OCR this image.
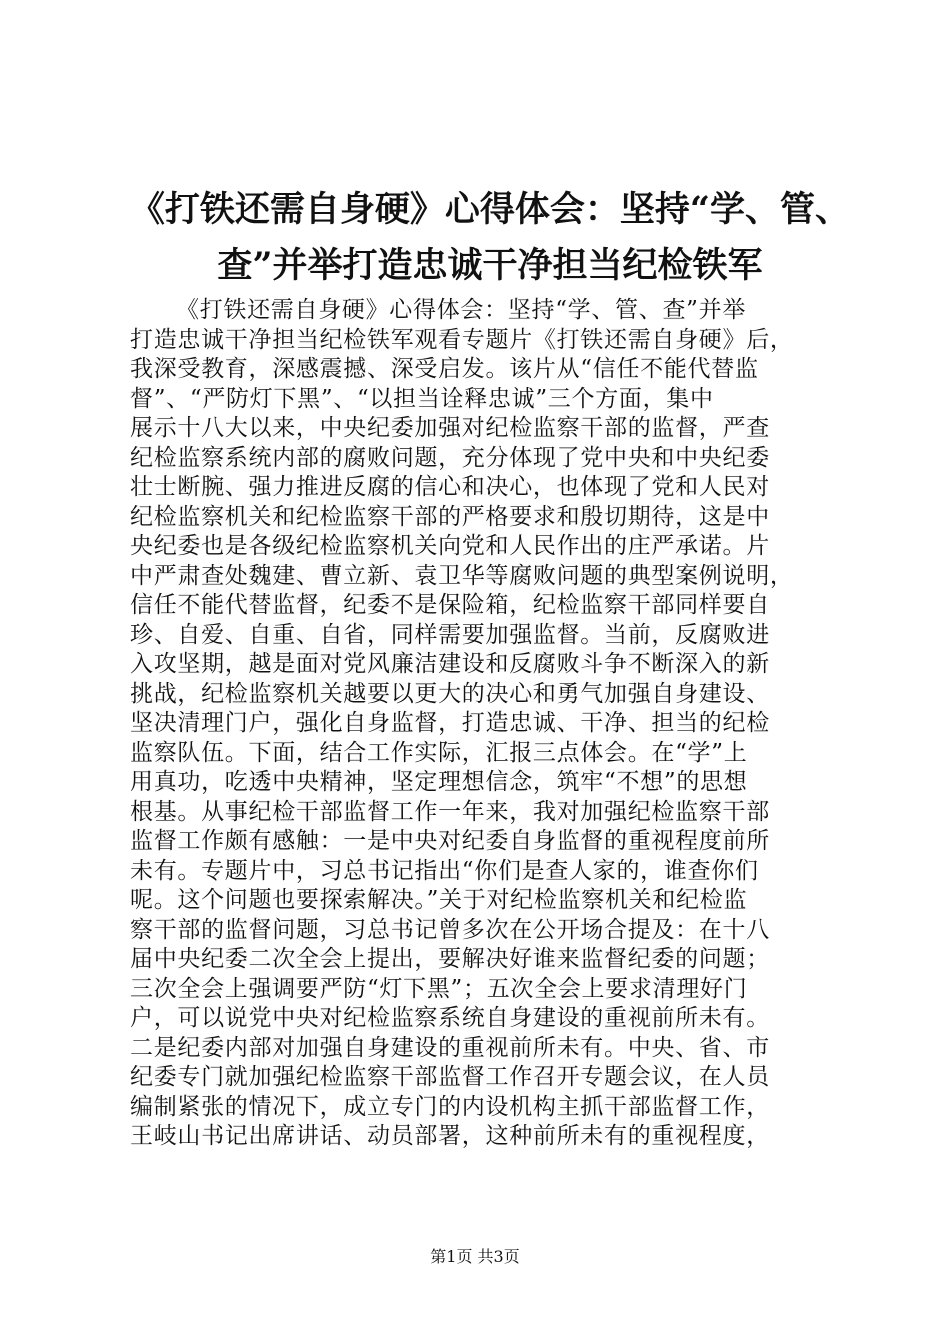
《打铁还需自身硬》心得体会：坚持“学、管、
查”并举打造忠诚干净担当纪检铁军
《打铁还需自身硬》心得体会：坚持“学、管、查”并举
打造忠诚干净担当纪检铁军观看专题片《打铁还需自身硬》后，
我深受教育，深感震撼、深受启发。该片从“信任不能代替监
督”、“严防灯下黑”、“以担当诠释忠诚”三个方面，集中
展示十八大以来，中央纪委加强对纪检监察干部的监督，严查
纪检监察系统内部的腐败问题，充分体现了党中央和中央纪委
壮士断腕、强力推进反腐的信心和决心，也体现了党和人民对
纪检监察机关和纪检监察干部的严格要求和殷切期待，这是中
央纪委也是各级纪检监察机关向党和人民作出的庄严承诺。片
中严肃查处魏建、曹立新、袁卫华等腐败问题的典型案例说明，
信任不能代替监督，纪委不是保险箱，纪检监察干部同样要自
珍、自爱、自重、自省，同样需要加强监督。当前，反腐败进
入攻坚期，越是面对党风廉洁建设和反腐败斗争不断深入的新
挑战，纪检监察机关越要以更大的决心和勇气加强自身建设、
坚决清理门户，强化自身监督，打造忠诚、干净、担当的纪检
监察队伍。下面，结合工作实际，汇报三点体会。在“学”上
用真功，吃透中央精神，坚定理想信念，筑牢“不想”的思想
根基。从事纪检干部监督工作一年来，我对加强纪检监察干部
监督工作颇有感触：一是中央对纪委自身监督的重视程度前所
未有。专题片中，习总书记指出“你们是查人家的，谁查你们
呢。这个问题也要探索解决。”关于对纪检监察机关和纪检监
察干部的监督问题，习总书记曾多次在公开场合提及：在十八
届中央纪委二次全会上提出，要解决好谁来监督纪委的问题；
三次全会上强调要严防“灯下黑”；五次全会上要求清理好门
户，可以说党中央对纪检监察系统自身建设的重视前所未有。
二是纪委内部对加强自身建设的重视前所未有。中央、省、市
纪委专门就加强纪检监察干部监督工作召开专题会议，在人员
编制紧张的情况下，成立专门的内设机构主抓干部监督工作，
王岐山书记出席讲话、动员部署，这种前所未有的重视程度，
第1页 共3页
